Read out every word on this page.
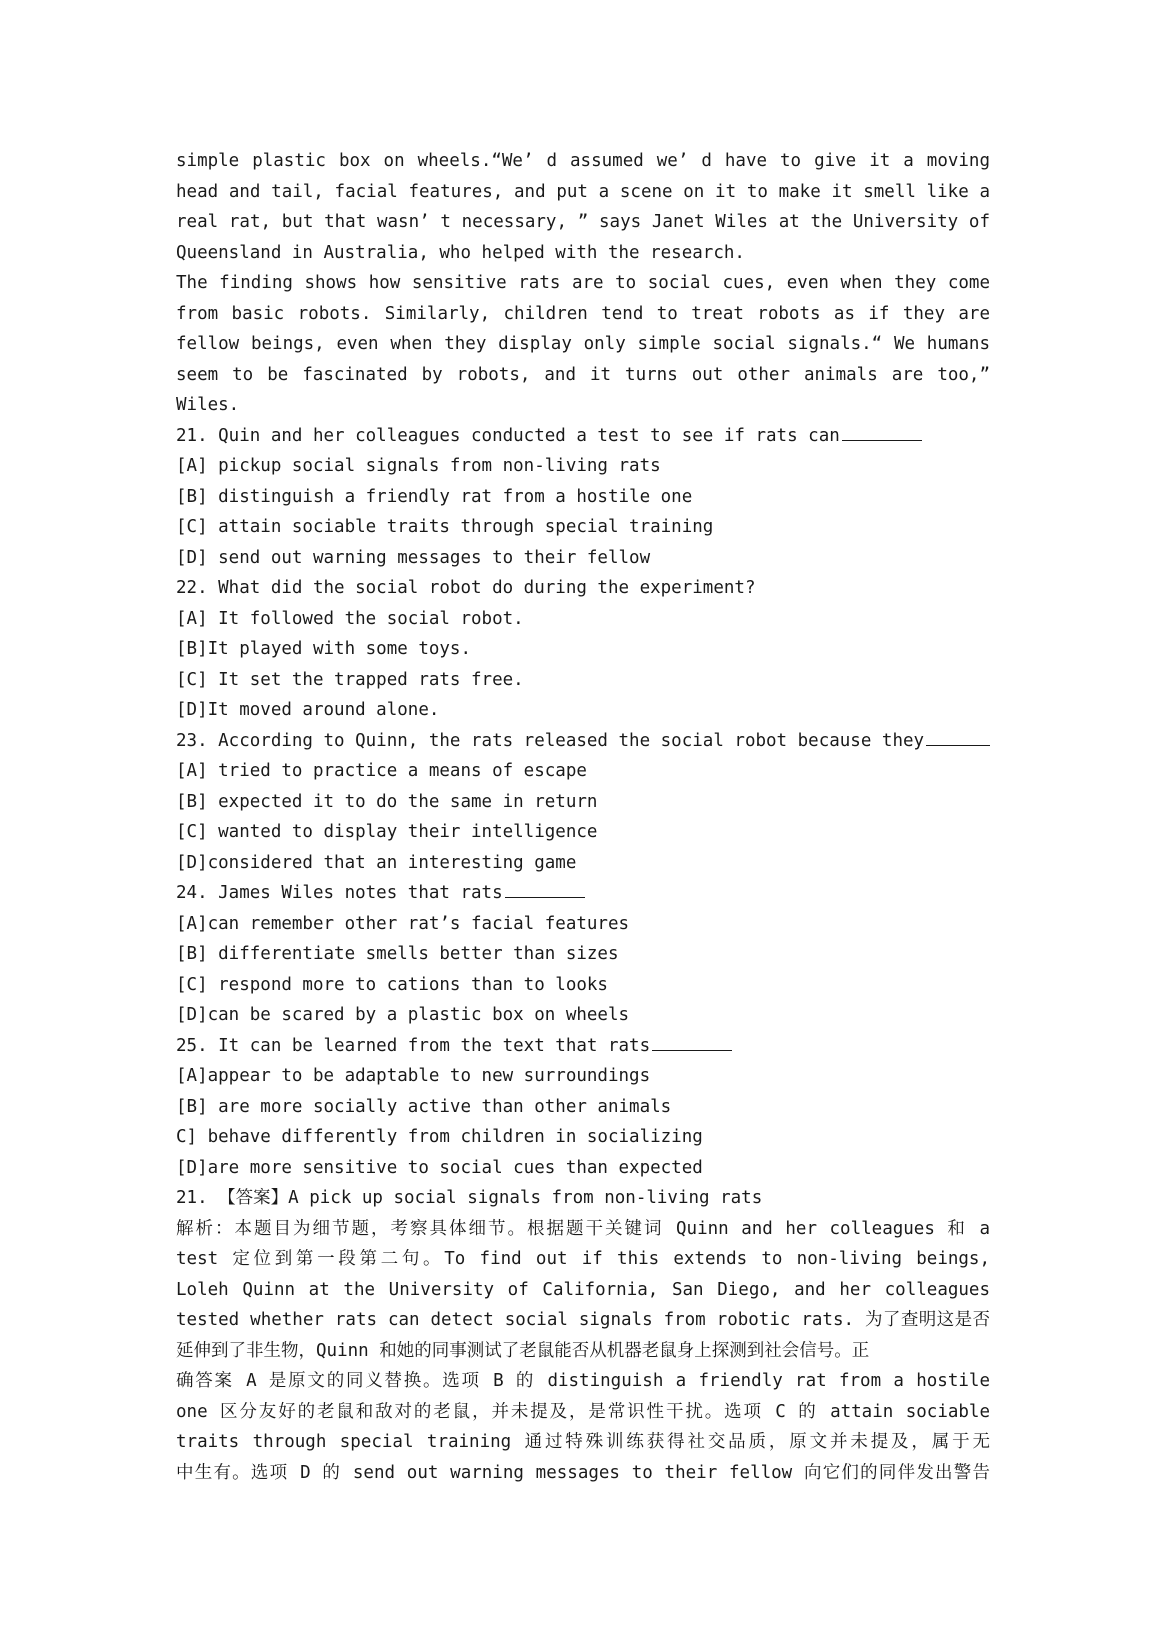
simple plastic box on wheels.“We’ d assumed we’ d have to give it a moving
head and tail, facial features, and put a scene on it to make it smell like a
real rat, but that wasn’ t necessary, ” says Janet Wiles at the University of
Queensland in Australia, who helped with the research.
The finding shows how sensitive rats are to social cues, even when they come
from basic robots. Similarly, children tend to treat robots as if they are
fellow beings, even when they display only simple social signals.“ We humans
seem to be fascinated by robots, and it turns out other animals are too,”
Wiles.
21. Quin and her colleagues conducted a test to see if rats can
[A] pickup social signals from non-living rats
[B] distinguish a friendly rat from a hostile one
[C] attain sociable traits through special training
[D] send out warning messages to their fellow
22. What did the social robot do during the experiment?
[A] It followed the social robot.
[B]It played with some toys.
[C] It set the trapped rats free.
[D]It moved around alone.
23. According to Quinn, the rats released the social robot because they
[A] tried to practice a means of escape
[B] expected it to do the same in return
[C] wanted to display their intelligence
[D]considered that an interesting game
24. James Wiles notes that rats
[A]can remember other rat’s facial features
[B] differentiate smells better than sizes
[C] respond more to cations than to looks
[D]can be scared by a plastic box on wheels
25. It can be learned from the text that rats
[A]appear to be adaptable to new surroundings
[B] are more socially active than other animals
C] behave differently from children in socializing
[D]are more sensitive to social cues than expected
21. 【答案】A pick up social signals from non-living rats
解析：本题目为细节题，考察具体细节。根据题干关键词 Quinn and her colleagues 和 a
test 定位到第一段第二句。To find out if this extends to non-living beings,
Loleh Quinn at the University of California, San Diego, and her colleagues
tested whether rats can detect social signals from robotic rats. 为了查明这是否
延伸到了非生物，Quinn 和她的同事测试了老鼠能否从机器老鼠身上探测到社会信号。正
确答案 A 是原文的同义替换。选项 B 的 distinguish a friendly rat from a hostile
one 区分友好的老鼠和敌对的老鼠，并未提及，是常识性干扰。选项 C 的 attain sociable
traits through special training 通过特殊训练获得社交品质，原文并未提及，属于无
中生有。选项 D 的 send out warning messages to their fellow 向它们的同伴发出警告
